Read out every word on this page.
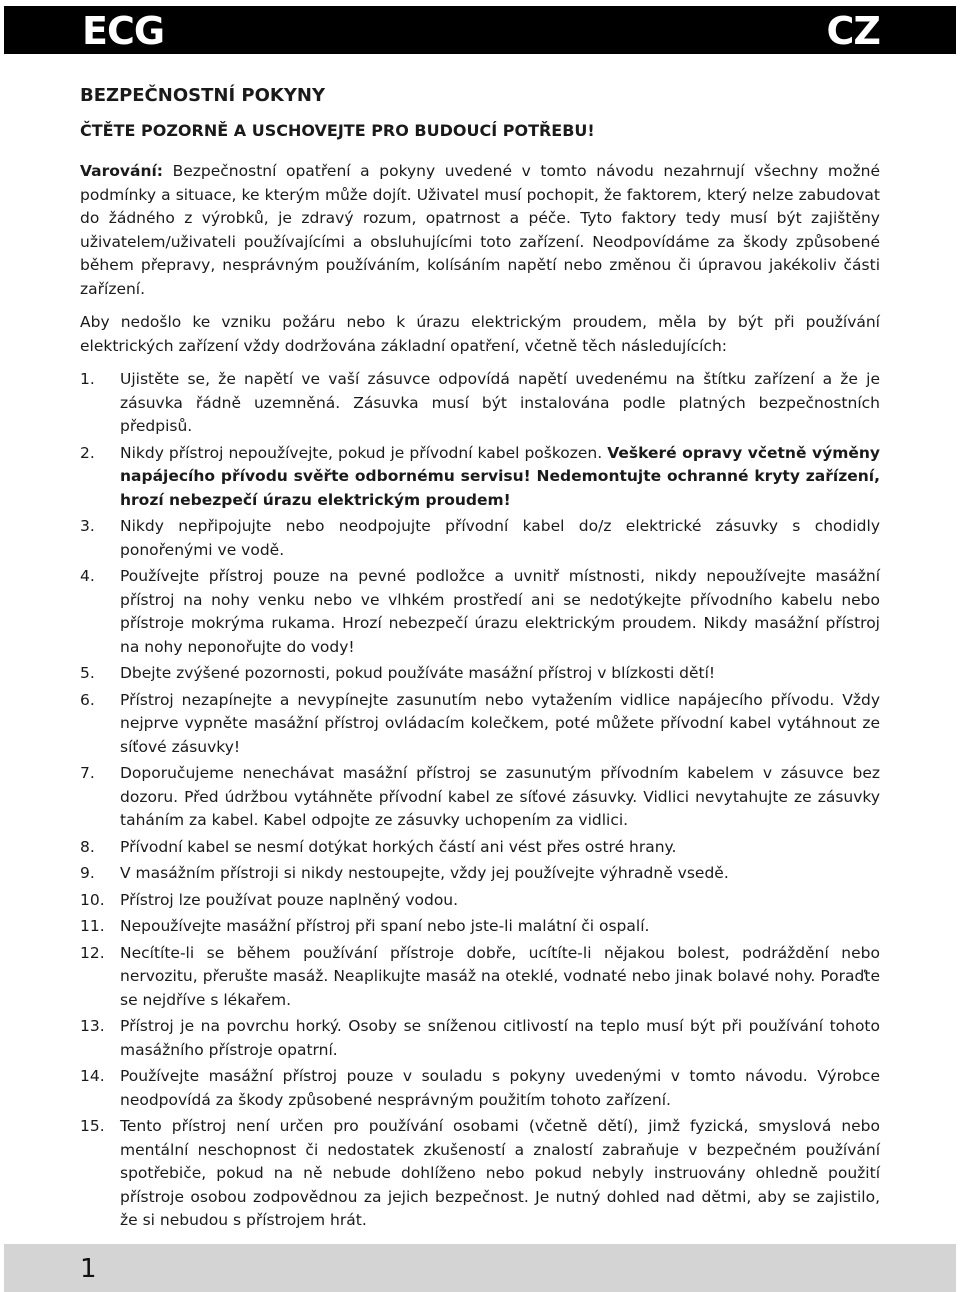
ECG	CZ
BEZPEČNOSTNÍ POKYNY
ČTĚTE POZORNĚ A USCHOVEJTE PRO BUDOUCÍ POTŘEBU!

Varování: Bezpečnostní opatření a pokyny uvedené v tomto návodu nezahrnují všechny možné podmínky a situace, ke kterým může dojít. Uživatel musí pochopit, že faktorem, který nelze zabudovat do žádného z výrobků, je zdravý rozum, opatrnost a péče. Tyto faktory tedy musí být zajištěny uživatelem/uživateli používajícími a obsluhujícími toto zařízení. Neodpovídáme za škody způsobené během přepravy, nesprávným používáním, kolísáním napětí nebo změnou či úpravou jakékoliv části zařízení.

Aby nedošlo ke vzniku požáru nebo k úrazu elektrickým proudem, měla by být při používání elektrických zařízení vždy dodržována základní opatření, včetně těch následujících:

1. Ujistěte se, že napětí ve vaší zásuvce odpovídá napětí uvedenému na štítku zařízení a že je zásuvka řádně uzemněná. Zásuvka musí být instalována podle platných bezpečnostních předpisů.
2. Nikdy přístroj nepoužívejte, pokud je přívodní kabel poškozen. Veškeré opravy včetně výměny napájecího přívodu svěřte odbornému servisu! Nedemontujte ochranné kryty zařízení, hrozí nebezpečí úrazu elektrickým proudem!
3. Nikdy nepřipojujte nebo neodpojujte přívodní kabel do/z elektrické zásuvky s chodidly ponořenými ve vodě.
4. Používejte přístroj pouze na pevné podložce a uvnitř místnosti, nikdy nepoužívejte masážní přístroj na nohy venku nebo ve vlhkém prostředí ani se nedotýkejte přívodního kabelu nebo přístroje mokrýma rukama. Hrozí nebezpečí úrazu elektrickým proudem. Nikdy masážní přístroj na nohy neponořujte do vody!
5. Dbejte zvýšené pozornosti, pokud používáte masážní přístroj v blízkosti dětí!
6. Přístroj nezapínejte a nevypínejte zasunutím nebo vytažením vidlice napájecího přívodu. Vždy nejprve vypněte masážní přístroj ovládacím kolečkem, poté můžete přívodní kabel vytáhnout ze síťové zásuvky!
7. Doporučujeme nenechávat masážní přístroj se zasunutým přívodním kabelem v zásuvce bez dozoru. Před údržbou vytáhněte přívodní kabel ze síťové zásuvky. Vidlici nevytahujte ze zásuvky taháním za kabel. Kabel odpojte ze zásuvky uchopením za vidlici.
8. Přívodní kabel se nesmí dotýkat horkých částí ani vést přes ostré hrany.
9. V masážním přístroji si nikdy nestoupejte, vždy jej používejte výhradně vsedě.
10. Přístroj lze používat pouze naplněný vodou.
11. Nepoužívejte masážní přístroj při spaní nebo jste-li malátní či ospalí.
12. Necítíte-li se během používání přístroje dobře, ucítíte-li nějakou bolest, podráždění nebo nervozitu, přerušte masáž. Neaplikujte masáž na oteklé, vodnaté nebo jinak bolavé nohy. Poraďte se nejdříve s lékařem.
13. Přístroj je na povrchu horký. Osoby se sníženou citlivostí na teplo musí být při používání tohoto masážního přístroje opatrní.
14. Používejte masážní přístroj pouze v souladu s pokyny uvedenými v tomto návodu. Výrobce neodpovídá za škody způsobené nesprávným použitím tohoto zařízení.
15. Tento přístroj není určen pro používání osobami (včetně dětí), jimž fyzická, smyslová nebo mentální neschopnost či nedostatek zkušeností a znalostí zabraňuje v bezpečném používání spotřebiče, pokud na ně nebude dohlíženo nebo pokud nebyly instruovány ohledně použití přístroje osobou zodpovědnou za jejich bezpečnost. Je nutný dohled nad dětmi, aby se zajistilo, že si nebudou s přístrojem hrát.
1
